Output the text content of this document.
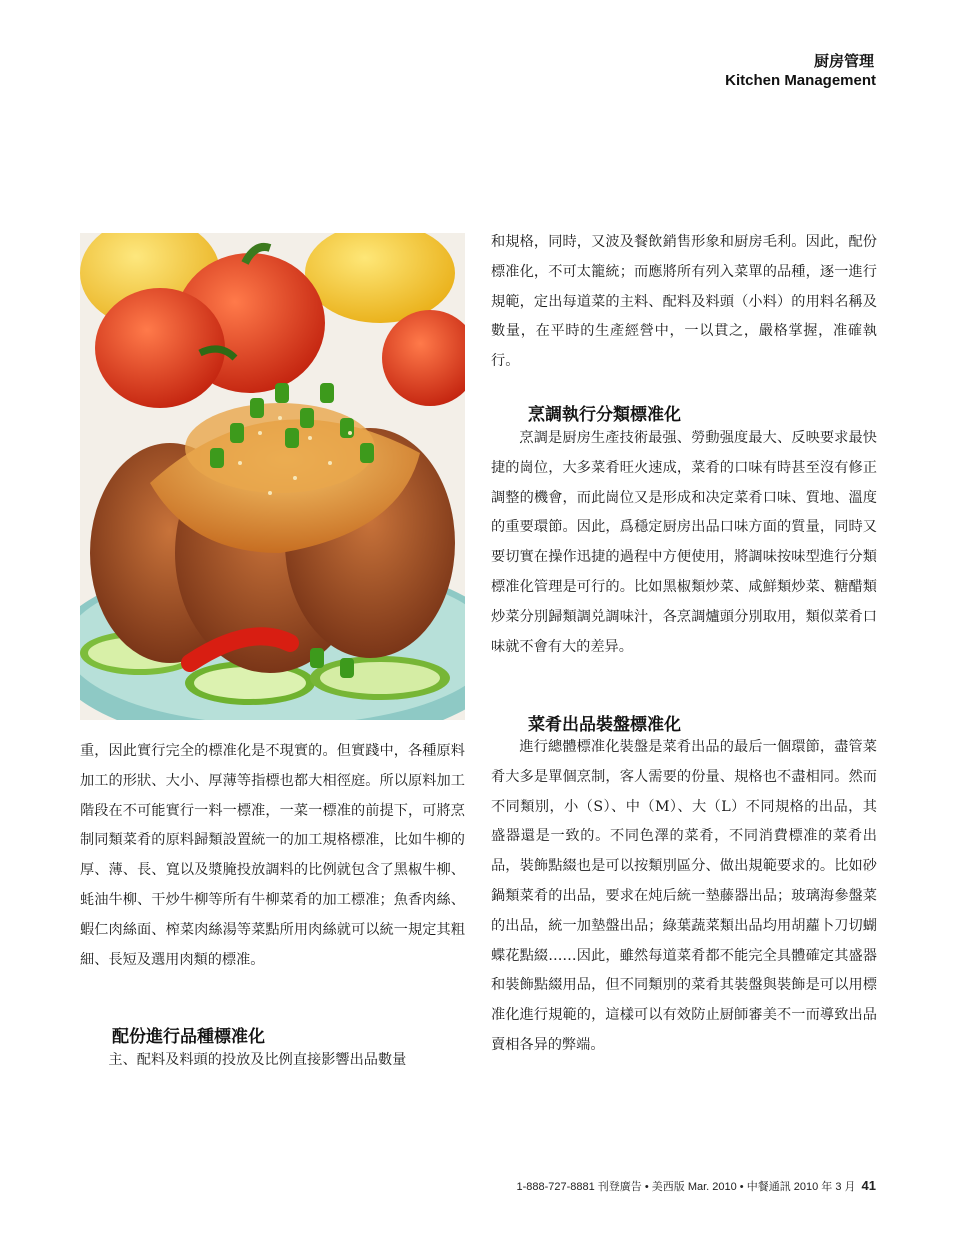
厨房管理
Kitchen Management

重，因此實行完全的標准化是不現實的。但實踐中，各種原料加工的形狀、大小、厚薄等指標也都大相徑庭。所以原料加工階段在不可能實行一料一標准，一菜一標准的前提下，可將烹制同類菜肴的原料歸類設置統一的加工規格標准，比如牛柳的厚、薄、長、寬以及漿腌投放調料的比例就包含了黑椒牛柳、蚝油牛柳、干炒牛柳等所有牛柳菜肴的加工標准；魚香肉絲、蝦仁肉絲面、榨菜肉絲湯等菜點所用肉絲就可以統一規定其粗細、長短及選用肉類的標准。

配份進行品種標准化

主、配料及料頭的投放及比例直接影響出品數量

和規格，同時，又波及餐飲銷售形象和厨房毛利。因此，配份標准化，不可太籠統；而應將所有列入菜單的品種，逐一進行規範，定出每道菜的主料、配料及料頭（小料）的用料名稱及數量，在平時的生產經營中，一以貫之，嚴格掌握，准確執行。

烹調執行分類標准化

烹調是厨房生產技術最强、勞動强度最大、反映要求最快捷的崗位，大多菜肴旺火速成，菜肴的口味有時甚至沒有修正調整的機會，而此崗位又是形成和决定菜肴口味、質地、溫度的重要環節。因此，爲穩定厨房出品口味方面的質量，同時又要切實在操作迅捷的過程中方便使用，將調味按味型進行分類標准化管理是可行的。比如黑椒類炒菜、咸鮮類炒菜、糖醋類炒菜分別歸類調兑調味汁，各烹調爐頭分別取用，類似菜肴口味就不會有大的差异。

菜肴出品裝盤標准化

進行總體標准化裝盤是菜肴出品的最后一個環節，盡管菜肴大多是單個烹制，客人需要的份量、規格也不盡相同。然而不同類別，小（S）、中（M）、大（L）不同規格的出品，其盛器還是一致的。不同色澤的菜肴，不同消費標准的菜肴出品，裝飾點綴也是可以按類別區分、做出規範要求的。比如砂鍋類菜肴的出品，要求在炖后統一墊藤器出品；玻璃海參盤菜的出品，統一加墊盤出品；綠葉蔬菜類出品均用胡蘿卜刀切蝴蝶花點綴……因此，雖然每道菜肴都不能完全具體確定其盛器和裝飾點綴用品，但不同類別的菜肴其裝盤與裝飾是可以用標准化進行規範的，這樣可以有效防止厨師審美不一而導致出品賣相各异的弊端。

1-888-727-8881 刊登廣告 • 美西版 Mar. 2010 • 中餐通訊 2010 年 3 月 41
